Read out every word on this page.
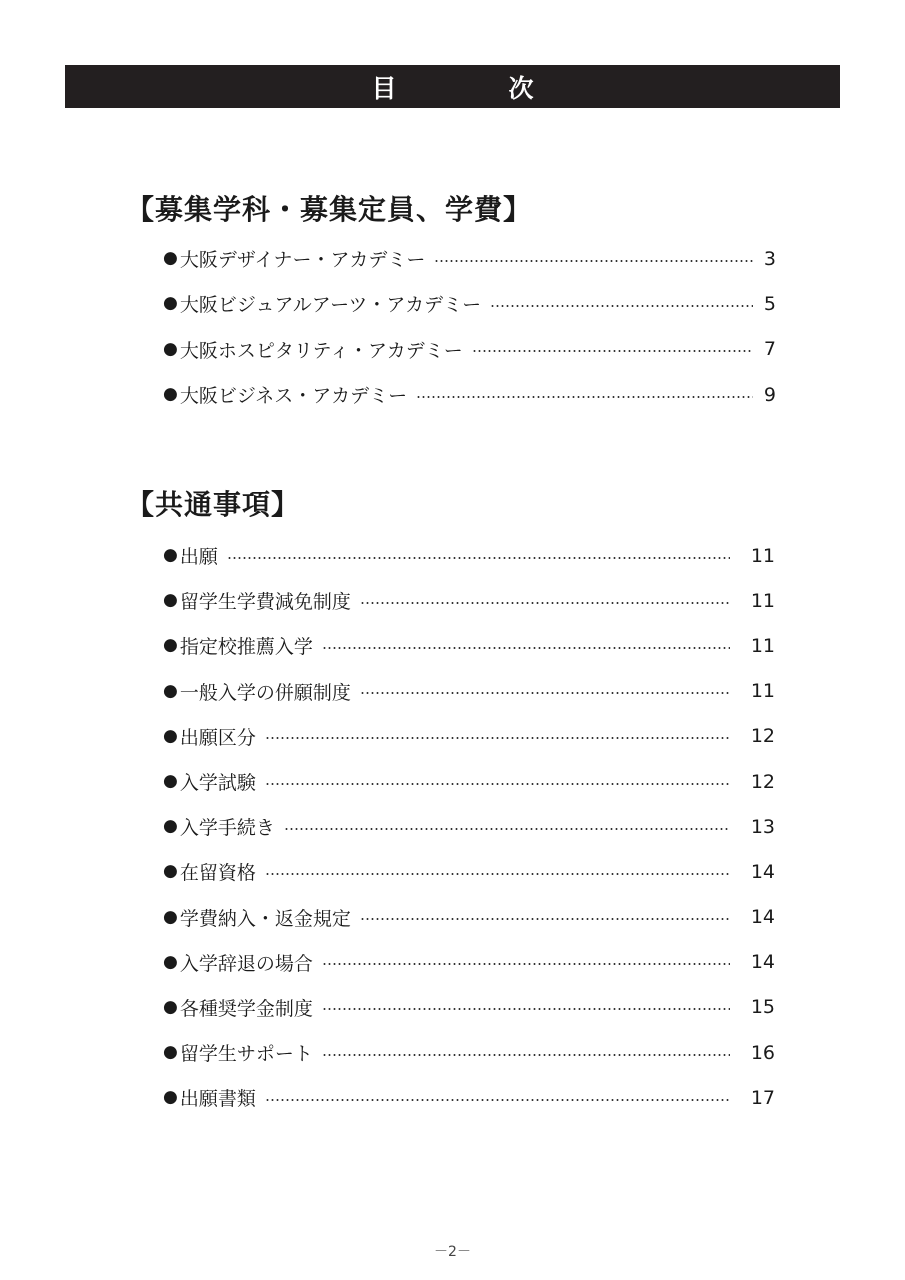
目次
【募集学科・募集定員、学費】
● 大阪デザイナー・アカデミー	3
● 大阪ビジュアルアーツ・アカデミー	5
● 大阪ホスピタリティ・アカデミー	7
● 大阪ビジネス・アカデミー	9
【共通事項】
● 出願	11
● 留学生学費減免制度	11
● 指定校推薦入学	11
● 一般入学の併願制度	11
● 出願区分	12
● 入学試験	12
● 入学手続き	13
● 在留資格	14
● 学費納入・返金規定	14
● 入学辞退の場合	14
● 各種奨学金制度	15
● 留学生サポート	16
● 出願書類	17
－2－
